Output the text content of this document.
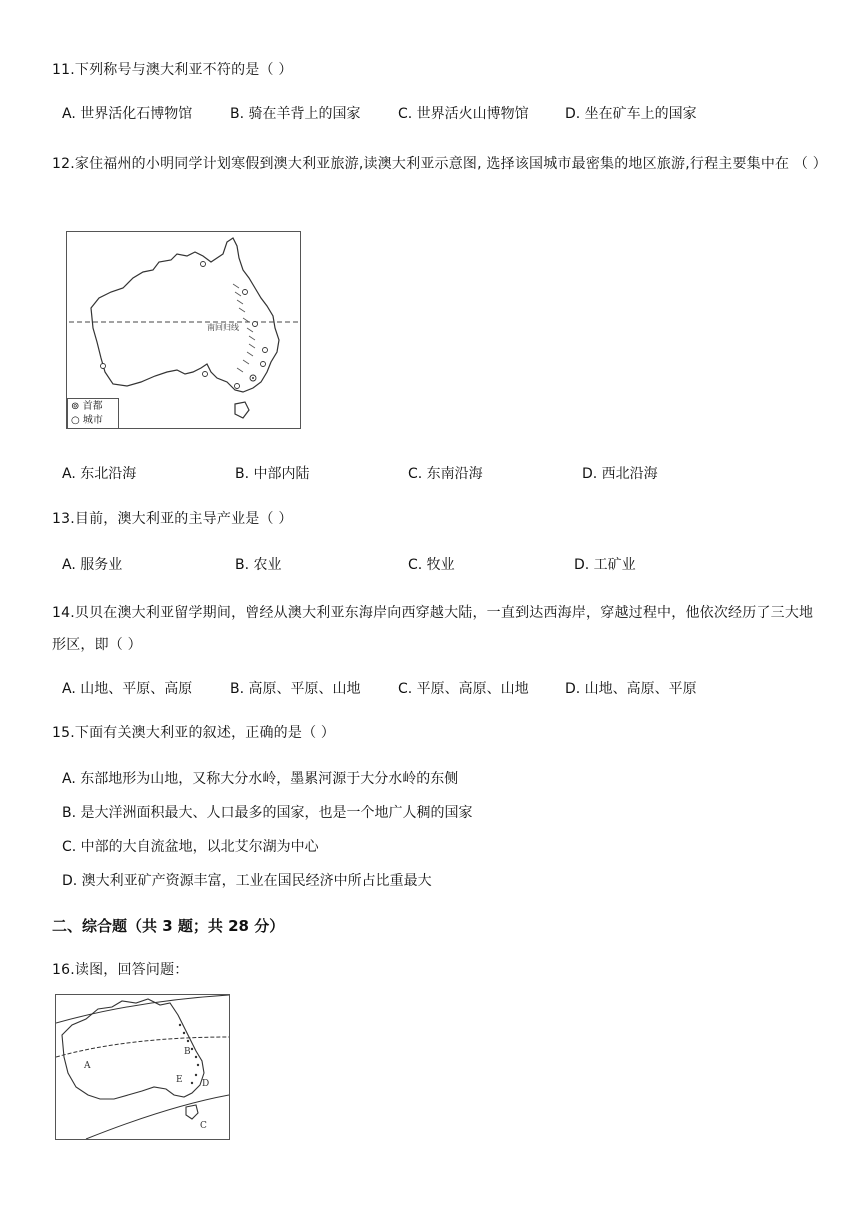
11.下列称号与澳大利亚不符的是（ ）
A. 世界活化石博物馆	B. 骑在羊背上的国家	C. 世界活火山博物馆	D. 坐在矿车上的国家
12.家住福州的小明同学计划寒假到澳大利亚旅游,读澳大利亚示意图, 选择该国城市最密集的地区旅游,行程主要集中在 （ ）
南回归线
⊚ 首都
○ 城市
A. 东北沿海	B. 中部内陆	C. 东南沿海	D. 西北沿海
13.目前，澳大利亚的主导产业是（ ）
A. 服务业	B. 农业	C. 牧业	D. 工矿业
14.贝贝在澳大利亚留学期间，曾经从澳大利亚东海岸向西穿越大陆，一直到达西海岸，穿越过程中，他依次经历了三大地形区，即（ ）
A. 山地、平原、高原	B. 高原、平原、山地	C. 平原、高原、山地	D. 山地、高原、平原
15.下面有关澳大利亚的叙述，正确的是（ ）
A. 东部地形为山地，又称大分水岭，墨累河源于大分水岭的东侧
B. 是大洋洲面积最大、人口最多的国家，也是一个地广人稠的国家
C. 中部的大自流盆地，以北艾尔湖为中心
D. 澳大利亚矿产资源丰富，工业在国民经济中所占比重最大
二、综合题（共 3 题；共 28 分）
16.读图，回答问题：
A
B
C
D
E
